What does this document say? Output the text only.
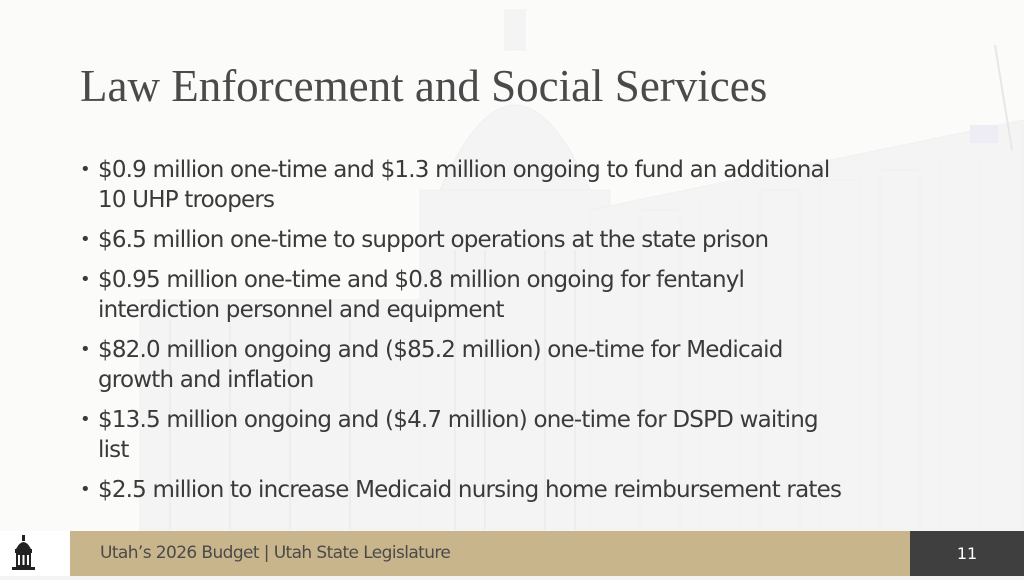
Law Enforcement and Social Services
• $0.9 million one-time and $1.3 million ongoing to fund an additional
10 UHP troopers
• $6.5 million one-time to support operations at the state prison
• $0.95 million one-time and $0.8 million ongoing for fentanyl
interdiction personnel and equipment
• $82.0 million ongoing and ($85.2 million) one-time for Medicaid
growth and inflation
• $13.5 million ongoing and ($4.7 million) one-time for DSPD waiting
list
• $2.5 million to increase Medicaid nursing home reimbursement rates
Utah’s 2026 Budget | Utah State Legislature	11
